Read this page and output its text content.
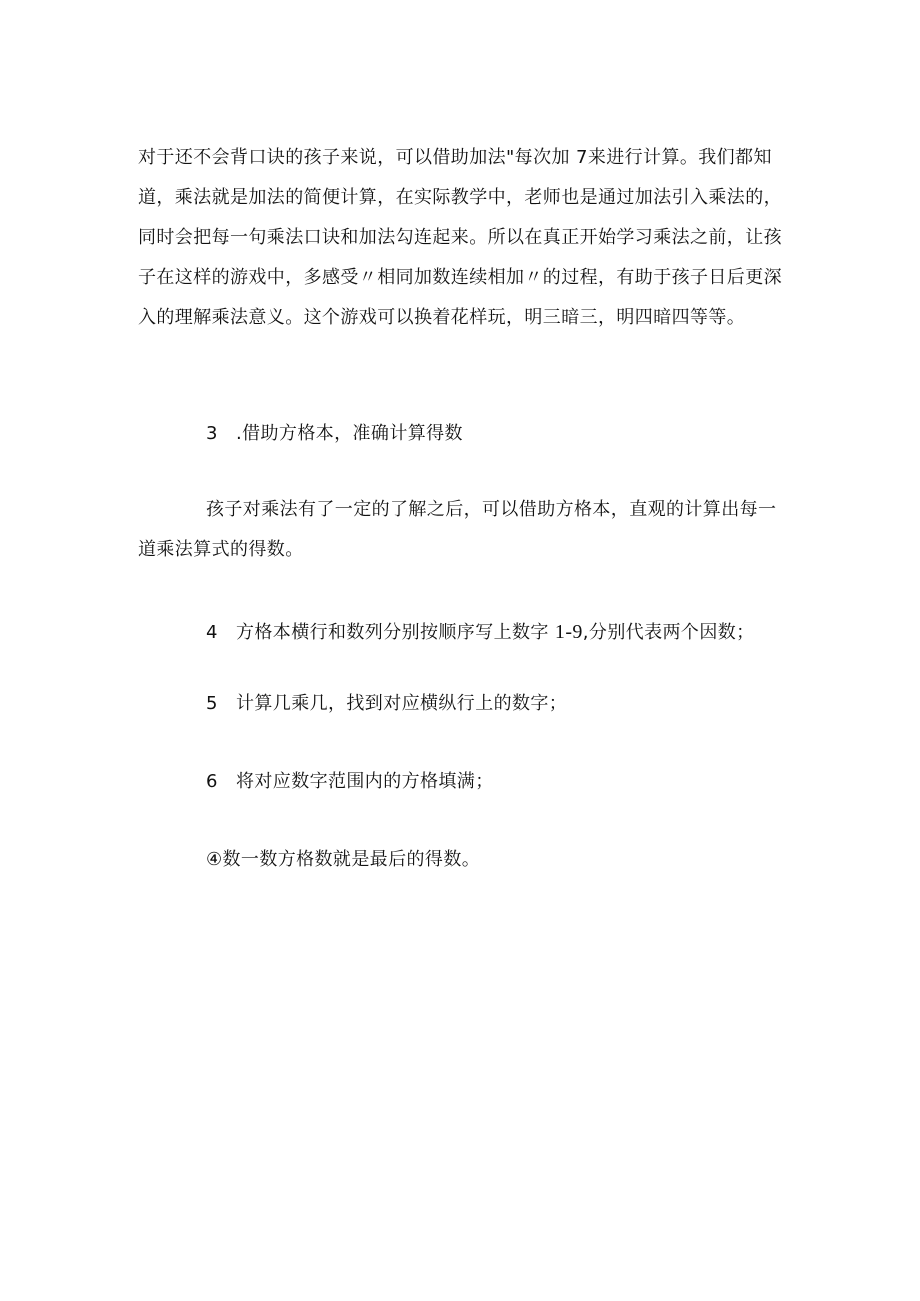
对于还不会背口诀的孩子来说，可以借助加法"每次加 7来进行计算。我们都知
道，乘法就是加法的简便计算，在实际教学中，老师也是通过加法引入乘法的，
同时会把每一句乘法口诀和加法勾连起来。所以在真正开始学习乘法之前，让孩
子在这样的游戏中，多感受〃相同加数连续相加〃的过程，有助于孩子日后更深
入的理解乘法意义。这个游戏可以换着花样玩，明三暗三，明四暗四等等。
3 .借助方格本，准确计算得数
孩子对乘法有了一定的了解之后，可以借助方格本，直观的计算出每一
道乘法算式的得数。
4 方格本横行和数列分别按顺序写上数字 1-9,分别代表两个因数；
5 计算几乘几，找到对应横纵行上的数字；
6 将对应数字范围内的方格填满；
④数一数方格数就是最后的得数。
